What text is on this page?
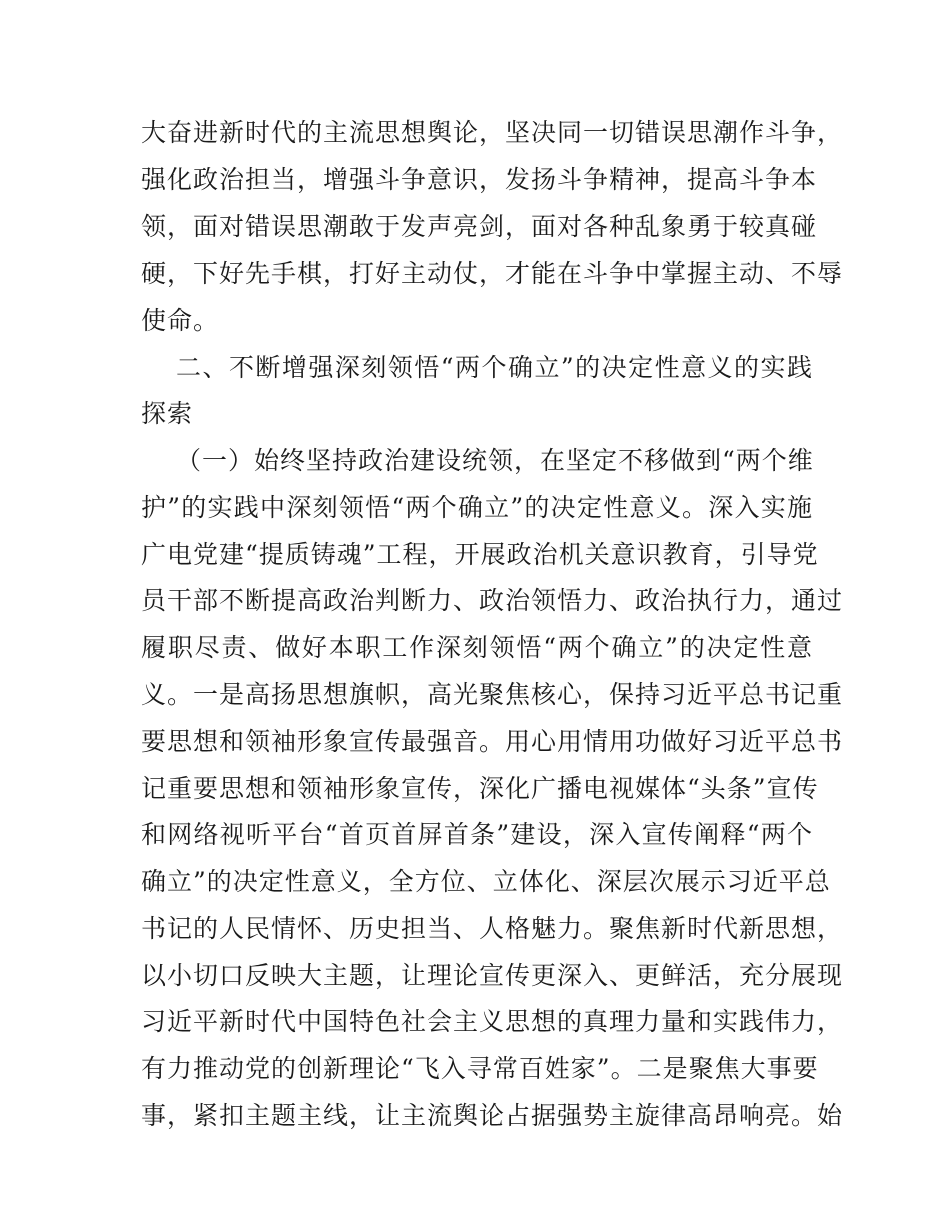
大奋进新时代的主流思想舆论，坚决同一切错误思潮作斗争，
强化政治担当，增强斗争意识，发扬斗争精神，提高斗争本
领，面对错误思潮敢于发声亮剑，面对各种乱象勇于较真碰
硬，下好先手棋，打好主动仗，才能在斗争中掌握主动、不辱
使命。
二、不断增强深刻领悟“两个确立”的决定性意义的实践
探索
（一）始终坚持政治建设统领，在坚定不移做到“两个维
护”的实践中深刻领悟“两个确立”的决定性意义。深入实施
广电党建“提质铸魂”工程，开展政治机关意识教育，引导党
员干部不断提高政治判断力、政治领悟力、政治执行力，通过
履职尽责、做好本职工作深刻领悟“两个确立”的决定性意
义。一是高扬思想旗帜，高光聚焦核心，保持习近平总书记重
要思想和领袖形象宣传最强音。用心用情用功做好习近平总书
记重要思想和领袖形象宣传，深化广播电视媒体“头条”宣传
和网络视听平台“首页首屏首条”建设，深入宣传阐释“两个
确立”的决定性意义，全方位、立体化、深层次展示习近平总
书记的人民情怀、历史担当、人格魅力。聚焦新时代新思想，
以小切口反映大主题，让理论宣传更深入、更鲜活，充分展现
习近平新时代中国特色社会主义思想的真理力量和实践伟力，
有力推动党的创新理论“飞入寻常百姓家”。二是聚焦大事要
事，紧扣主题主线，让主流舆论占据强势主旋律高昂响亮。始
